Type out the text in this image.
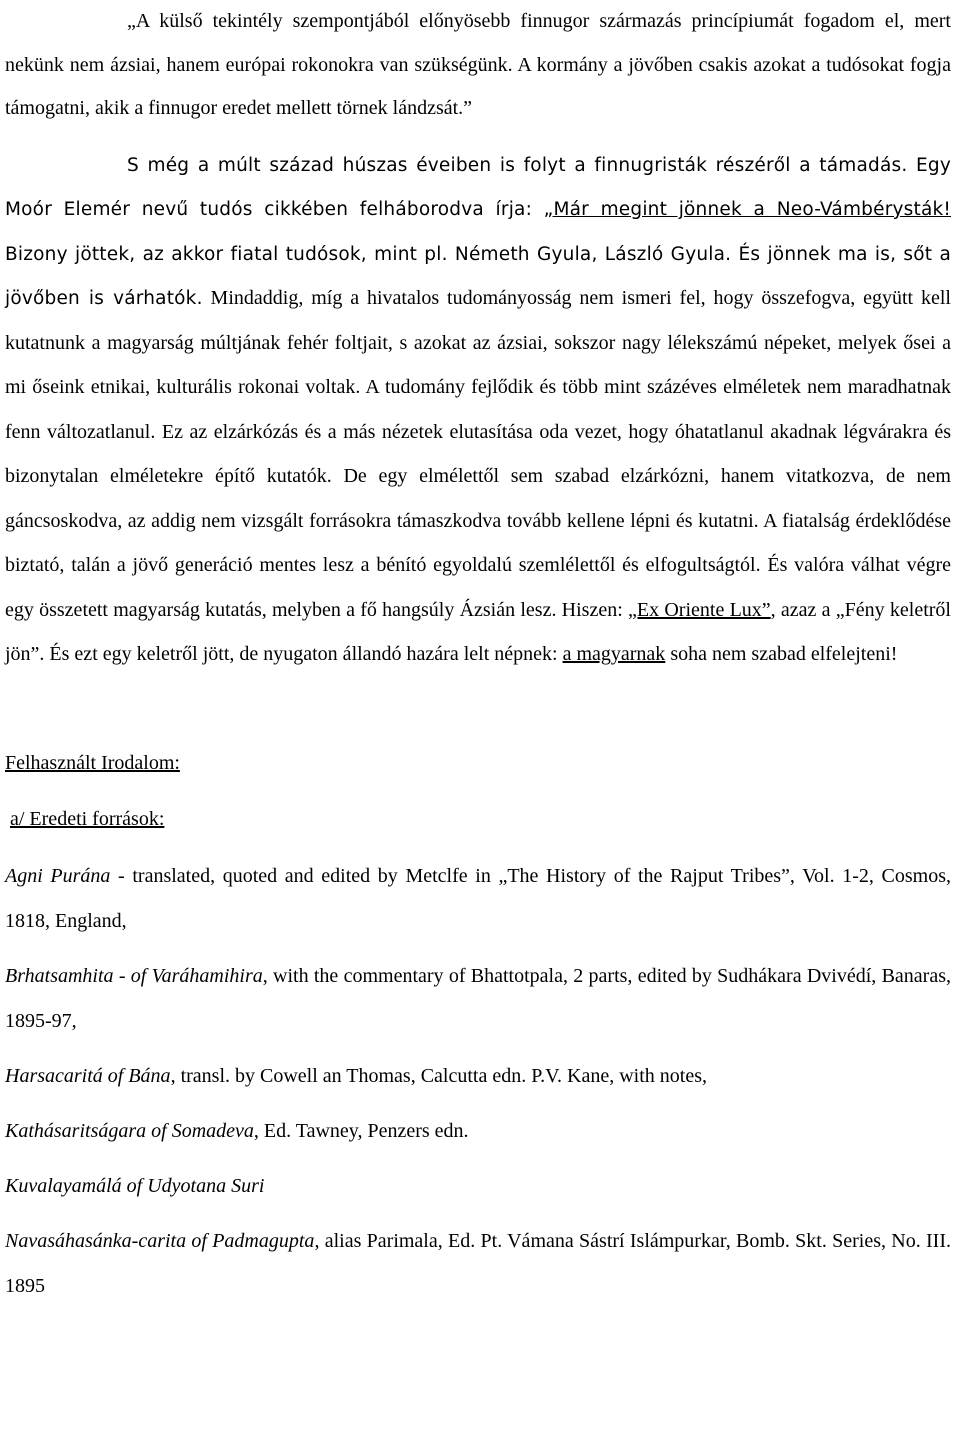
„A külső tekintély szempontjából előnyösebb finnugor származás princípiumát fogadom el, mert nekünk nem ázsiai, hanem európai rokonokra van szükségünk. A kormány a jövőben csakis azokat a tudósokat fogja támogatni, akik a finnugor eredet mellett törnek lándzsát.”

S még a múlt század húszas éveiben is folyt a finnugristák részéről a támadás. Egy Moór Elemér nevű tudós cikkében felháborodva írja: „Már megint jönnek a Neo-Vámbérysták! Bizony jöttek, az akkor fiatal tudósok, mint pl. Németh Gyula, László Gyula. És jönnek ma is, sőt a jövőben is várhatók. Mindaddig, míg a hivatalos tudományosság nem ismeri fel, hogy összefogva, együtt kell kutatnunk a magyarság múltjának fehér foltjait, s azokat az ázsiai, sokszor nagy lélekszámú népeket, melyek ősei a mi őseink etnikai, kulturális rokonai voltak. A tudomány fejlődik és több mint százéves elméletek nem maradhatnak fenn változatlanul. Ez az elzárkózás és a más nézetek elutasítása oda vezet, hogy óhatatlanul akadnak légvárakra és bizonytalan elméletekre építő kutatók. De egy elmélettől sem szabad elzárkózni, hanem vitatkozva, de nem gáncsoskodva, az addig nem vizsgált forrásokra támaszkodva tovább kellene lépni és kutatni. A fiatalság érdeklődése biztató, talán a jövő generáció mentes lesz a bénító egyoldalú szemlélettől és elfogultságtól. És valóra válhat végre egy összetett magyarság kutatás, melyben a fő hangsúly Ázsián lesz. Hiszen: „Ex Oriente Lux”, azaz a „Fény keletről jön”. És ezt egy keletről jött, de nyugaton állandó hazára lelt népnek: a magyarnak soha nem szabad elfelejteni!

Felhasznált Irodalom:
a/ Eredeti források:

Agni Purána - translated, quoted and edited by Metclfe in „The History of the Rajput Tribes”, Vol. 1-2, Cosmos, 1818, England,

Brhatsamhita - of Varáhamihira, with the commentary of Bhattotpala, 2 parts, edited by Sudhákara Dvivédí, Banaras, 1895-97,

Harsacaritá of Bána, transl. by Cowell an Thomas, Calcutta edn. P.V. Kane, with notes,

Kathásaritságara of Somadeva, Ed. Tawney, Penzers edn.

Kuvalayamálá of Udyotana Suri

Navasáhasánka-carita of Padmagupta, alias Parimala, Ed. Pt. Vámana Sástrí Islámpurkar, Bomb. Skt. Series, No. III. 1895
